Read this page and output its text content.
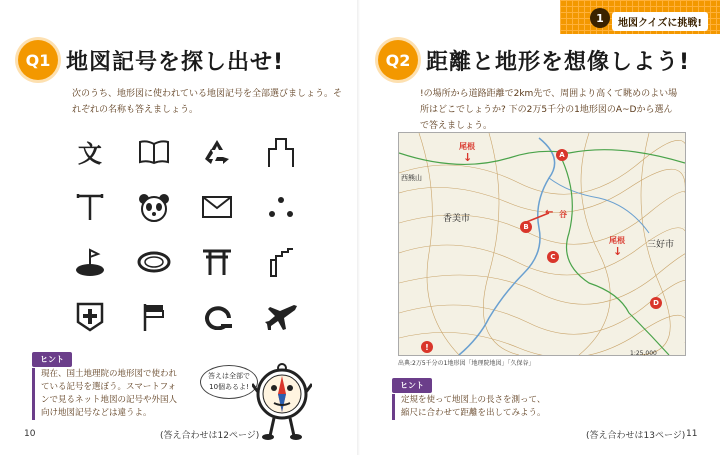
Q1 地図記号を探し出せ!
次のうち、地形図に使われている地図記号を全部選びましょう。そ
れぞれの名称も答えましょう。
文
ヒント
現在、国土地理院の地形図で使われ
ている記号を選ぼう。スマートフォ
ンで見るネット地図の記号や外国人
向け地図記号などは違うよ。
答えは全部で
10個あるよ!
10	(答え合わせは12ページ)
1	地図クイズに挑戦!
Q2 距離と地形を想像しよう!
!の場所から道路距離で2km先で、周囲より高くて眺めのよい場
所はどこでしょうか? 下の2万5千分の1地形図のA~Dから選ん
で答えましょう。
香美市
三好市
西熊山
尾根
↓
尾根
↓
← 谷
A
B
C
D
!
出典:2万5千分の1地形図「地理院地図」「久保谷」
1:25,000
ヒント
定規を使って地図上の長さを測って、
縮尺に合わせて距離を出してみよう。
(答え合わせは13ページ) 11
